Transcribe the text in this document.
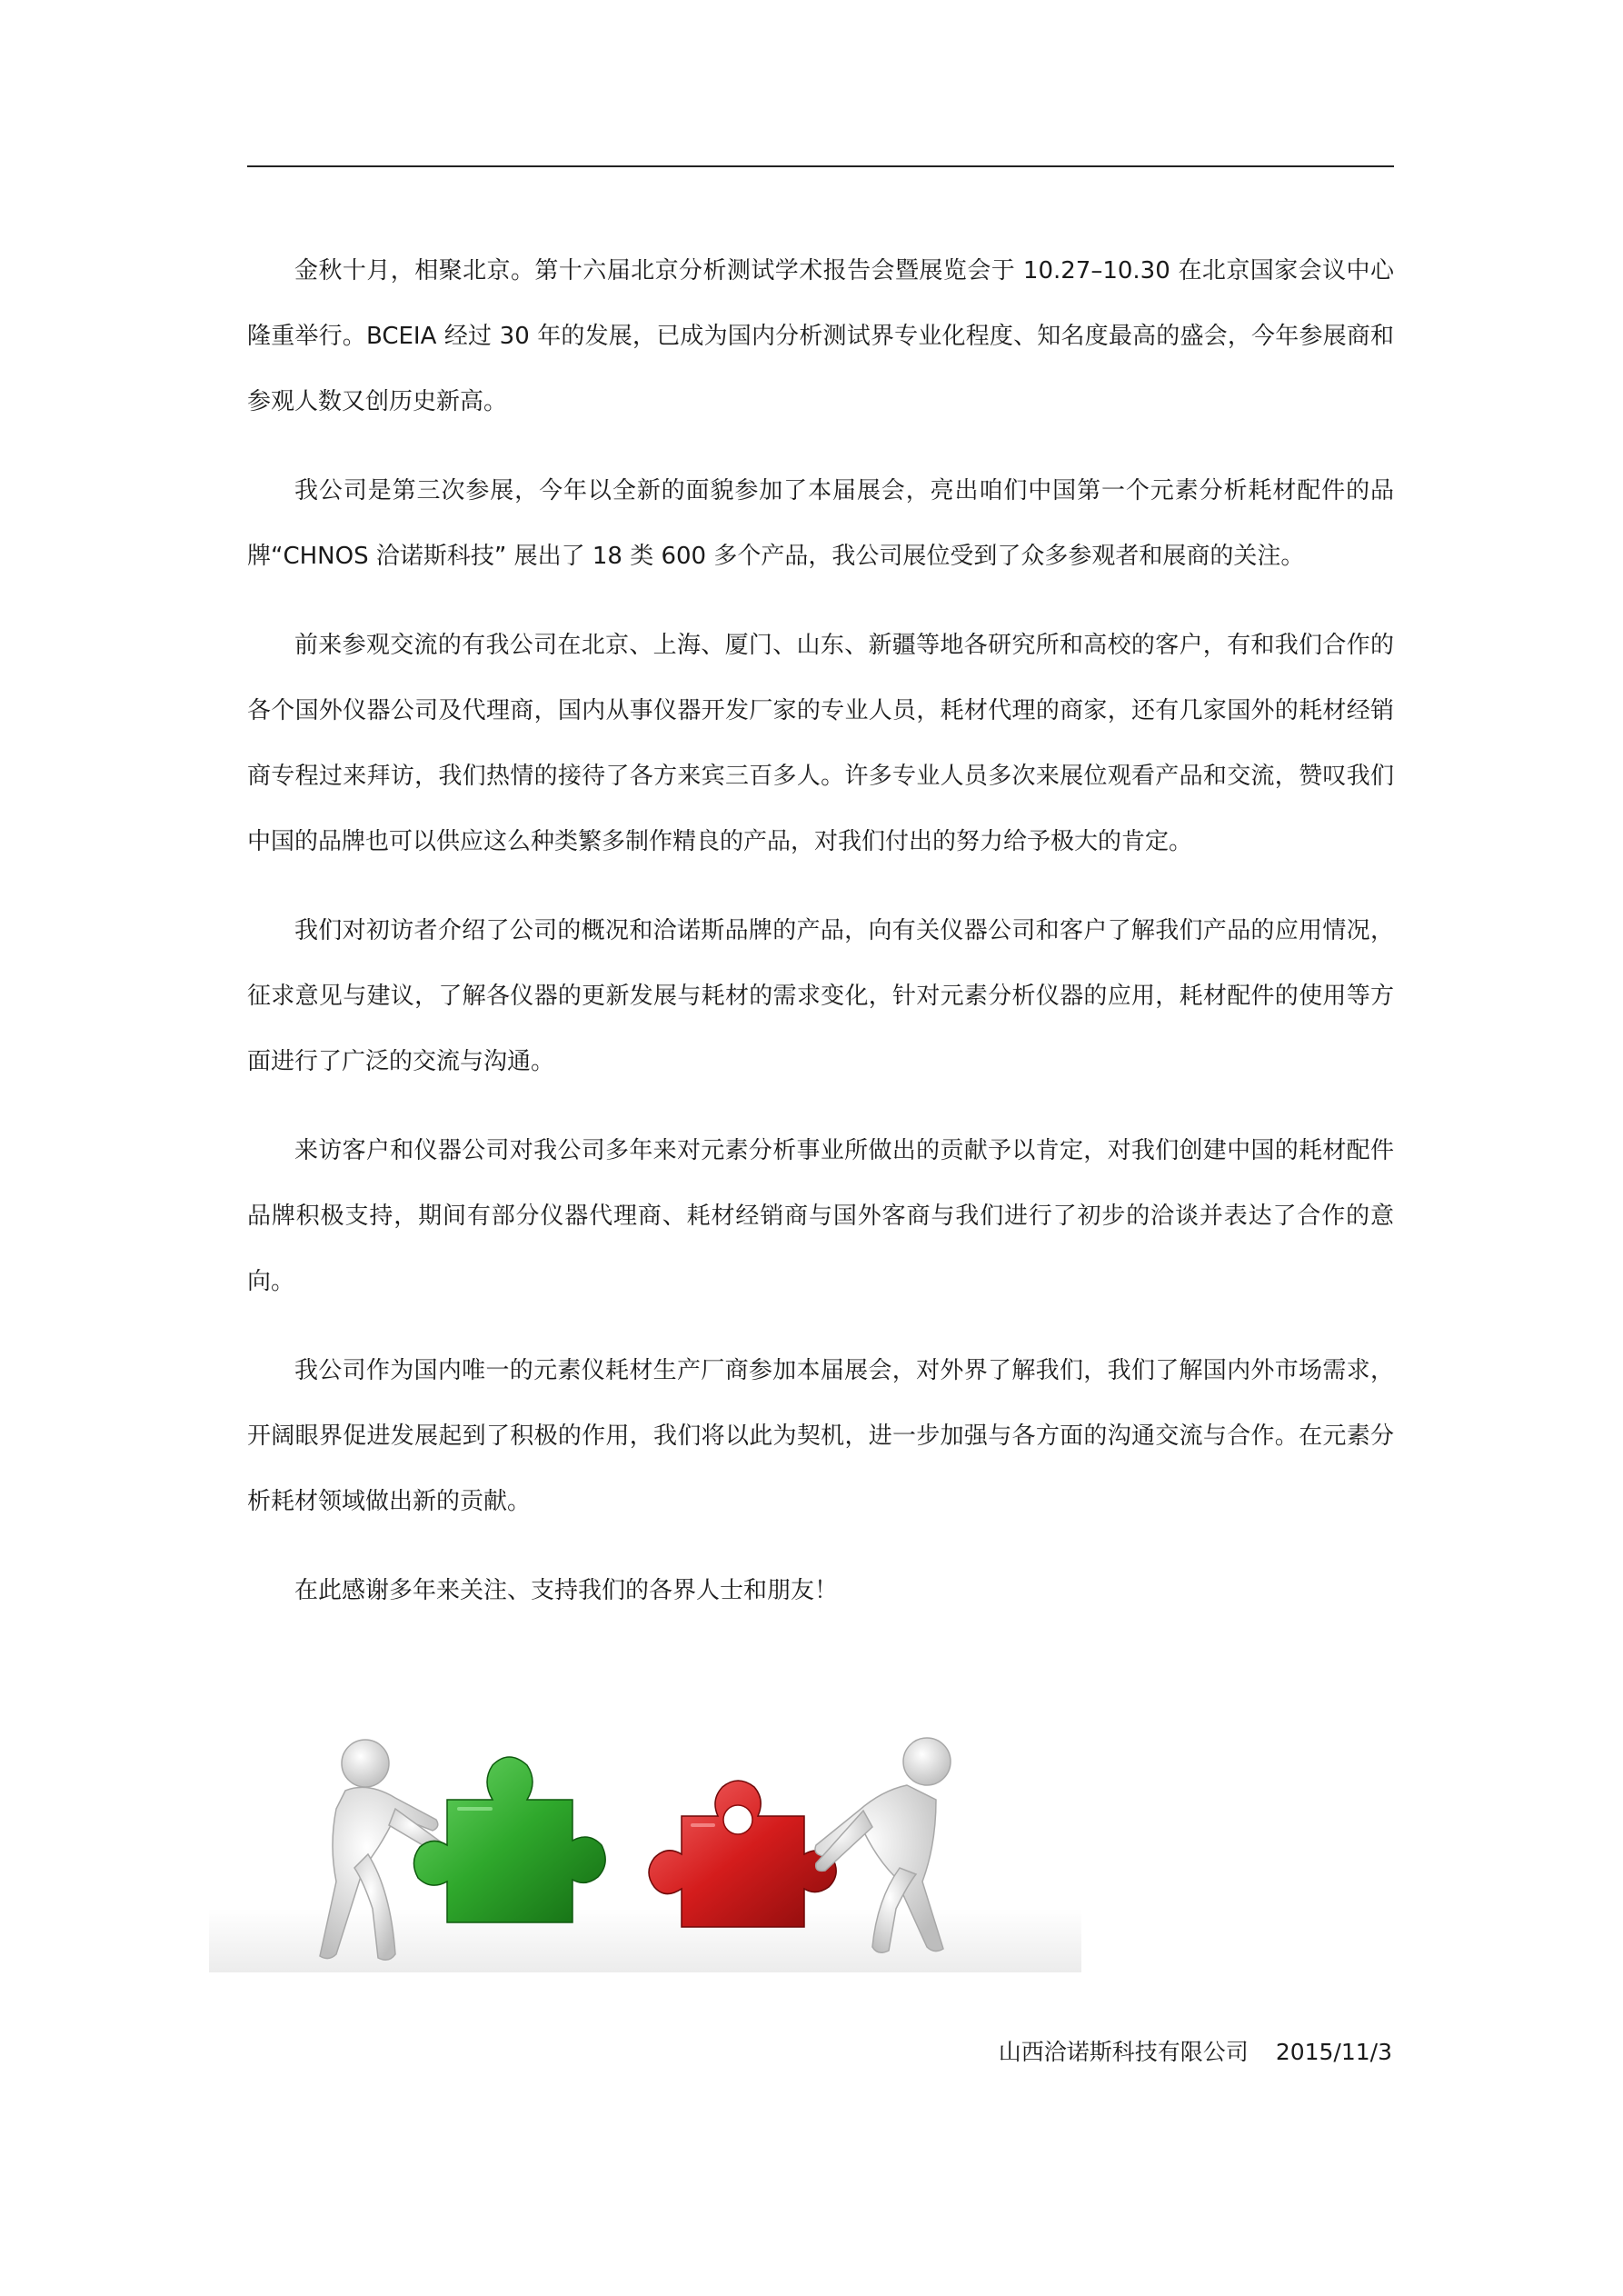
金秋十月，相聚北京。第十六届北京分析测试学术报告会暨展览会于 10.27–10.30 在北京国家会议中心隆重举行。BCEIA 经过 30 年的发展，已成为国内分析测试界专业化程度、知名度最高的盛会，今年参展商和参观人数又创历史新高。

我公司是第三次参展，今年以全新的面貌参加了本届展会，亮出咱们中国第一个元素分析耗材配件的品牌“CHNOS 洽诺斯科技” 展出了 18 类 600 多个产品，我公司展位受到了众多参观者和展商的关注。

前来参观交流的有我公司在北京、上海、厦门、山东、新疆等地各研究所和高校的客户，有和我们合作的各个国外仪器公司及代理商，国内从事仪器开发厂家的专业人员，耗材代理的商家，还有几家国外的耗材经销商专程过来拜访，我们热情的接待了各方来宾三百多人。许多专业人员多次来展位观看产品和交流，赞叹我们中国的品牌也可以供应这么种类繁多制作精良的产品，对我们付出的努力给予极大的肯定。

我们对初访者介绍了公司的概况和洽诺斯品牌的产品，向有关仪器公司和客户了解我们产品的应用情况，征求意见与建议，了解各仪器的更新发展与耗材的需求变化，针对元素分析仪器的应用，耗材配件的使用等方面进行了广泛的交流与沟通。

来访客户和仪器公司对我公司多年来对元素分析事业所做出的贡献予以肯定，对我们创建中国的耗材配件品牌积极支持，期间有部分仪器代理商、耗材经销商与国外客商与我们进行了初步的洽谈并表达了合作的意向。

我公司作为国内唯一的元素仪耗材生产厂商参加本届展会，对外界了解我们，我们了解国内外市场需求，开阔眼界促进发展起到了积极的作用，我们将以此为契机，进一步加强与各方面的沟通交流与合作。在元素分析耗材领域做出新的贡献。

在此感谢多年来关注、支持我们的各界人士和朋友！

山西洽诺斯科技有限公司 2015/11/3
